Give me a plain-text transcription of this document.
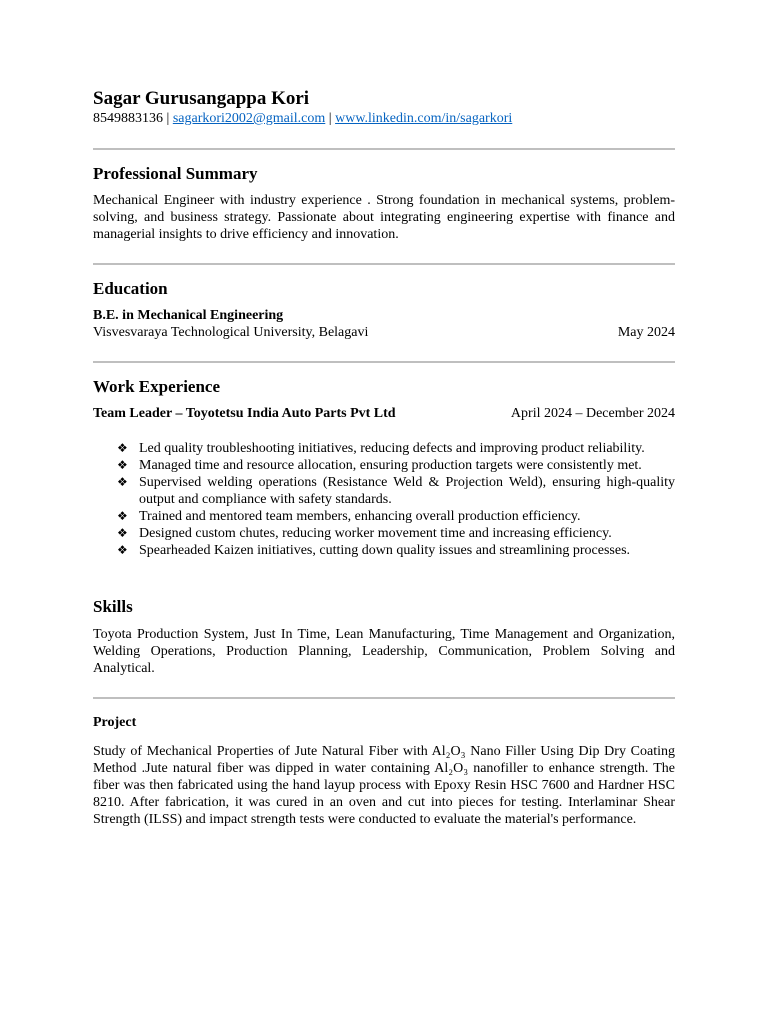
Sagar Gurusangappa Kori
8549883136 | sagarkori2002@gmail.com | www.linkedin.com/in/sagarkori
Professional Summary

Mechanical Engineer with industry experience . Strong foundation in mechanical systems, problem-solving, and business strategy. Passionate about integrating engineering expertise with finance and managerial insights to drive efficiency and innovation.

Education
B.E. in Mechanical Engineering
Visvesvaraya Technological University, Belagavi	May 2024
Work Experience
Team Leader – Toyotetsu India Auto Parts Pvt Ltd	April 2024 – December 2024
❖ Led quality troubleshooting initiatives, reducing defects and improving product reliability.
❖ Managed time and resource allocation, ensuring production targets were consistently met.
❖ Supervised welding operations (Resistance Weld & Projection Weld), ensuring high-quality output and compliance with safety standards.
❖ Trained and mentored team members, enhancing overall production efficiency.
❖ Designed custom chutes, reducing worker movement time and increasing efficiency.
❖ Spearheaded Kaizen initiatives, cutting down quality issues and streamlining processes.
Skills

Toyota Production System, Just In Time, Lean Manufacturing, Time Management and Organization, Welding Operations, Production Planning, Leadership, Communication, Problem Solving and Analytical.

Project

Study of Mechanical Properties of Jute Natural Fiber with Al₂O₃ Nano Filler Using Dip Dry Coating Method .Jute natural fiber was dipped in water containing Al₂O₃ nanofiller to enhance strength. The fiber was then fabricated using the hand layup process with Epoxy Resin HSC 7600 and Hardner HSC 8210. After fabrication, it was cured in an oven and cut into pieces for testing. Interlaminar Shear Strength (ILSS) and impact strength tests were conducted to evaluate the material's performance.
